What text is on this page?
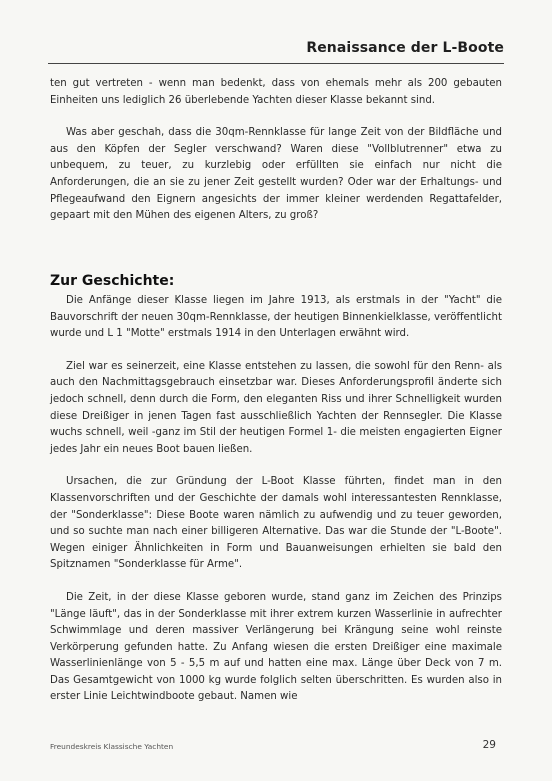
Renaissance der L-Boote

ten gut vertreten - wenn man bedenkt, dass von ehemals mehr als 200 gebauten Einheiten uns lediglich 26 überlebende Yachten dieser Klasse bekannt sind.

Was aber geschah, dass die 30qm-Rennklasse für lange Zeit von der Bildfläche und aus den Köpfen der Segler verschwand? Waren diese "Vollblutrenner" etwa zu unbequem, zu teuer, zu kurzlebig oder erfüllten sie einfach nur nicht die Anforderungen, die an sie zu jener Zeit gestellt wurden? Oder war der Erhaltungs- und Pflegeaufwand den Eignern angesichts der immer kleiner werdenden Regattafelder, gepaart mit den Mühen des eigenen Alters, zu groß?

Zur Geschichte:

Die Anfänge dieser Klasse liegen im Jahre 1913, als erstmals in der "Yacht" die Bauvorschrift der neuen 30qm-Rennklasse, der heutigen Binnenkielklasse, veröffentlicht wurde und L 1 "Motte" erstmals 1914 in den Unterlagen erwähnt wird.

Ziel war es seinerzeit, eine Klasse entstehen zu lassen, die sowohl für den Renn- als auch den Nachmittagsgebrauch einsetzbar war. Dieses Anforderungsprofil änderte sich jedoch schnell, denn durch die Form, den eleganten Riss und ihrer Schnelligkeit wurden diese Dreißiger in jenen Tagen fast ausschließlich Yachten der Rennsegler. Die Klasse wuchs schnell, weil -ganz im Stil der heutigen Formel 1- die meisten engagierten Eigner jedes Jahr ein neues Boot bauen ließen.

Ursachen, die zur Gründung der L-Boot Klasse führten, findet man in den Klassenvorschriften und der Geschichte der damals wohl interessantesten Rennklasse, der "Sonderklasse": Diese Boote waren nämlich zu aufwendig und zu teuer geworden, und so suchte man nach einer billigeren Alternative. Das war die Stunde der "L-Boote". Wegen einiger Ähnlichkeiten in Form und Bauanweisungen erhielten sie bald den Spitznamen "Sonderklasse für Arme".

Die Zeit, in der diese Klasse geboren wurde, stand ganz im Zeichen des Prinzips "Länge läuft", das in der Sonderklasse mit ihrer extrem kurzen Wasserlinie in aufrechter Schwimmlage und deren massiver Verlängerung bei Krängung seine wohl reinste Verkörperung gefunden hatte. Zu Anfang wiesen die ersten Dreißiger eine maximale Wasserlinienlänge von 5 - 5,5 m auf und hatten eine max. Länge über Deck von 7 m. Das Gesamtgewicht von 1000 kg wurde folglich selten überschritten. Es wurden also in erster Linie Leichtwindboote gebaut. Namen wie

Freundeskreis Klassische Yachten	29
